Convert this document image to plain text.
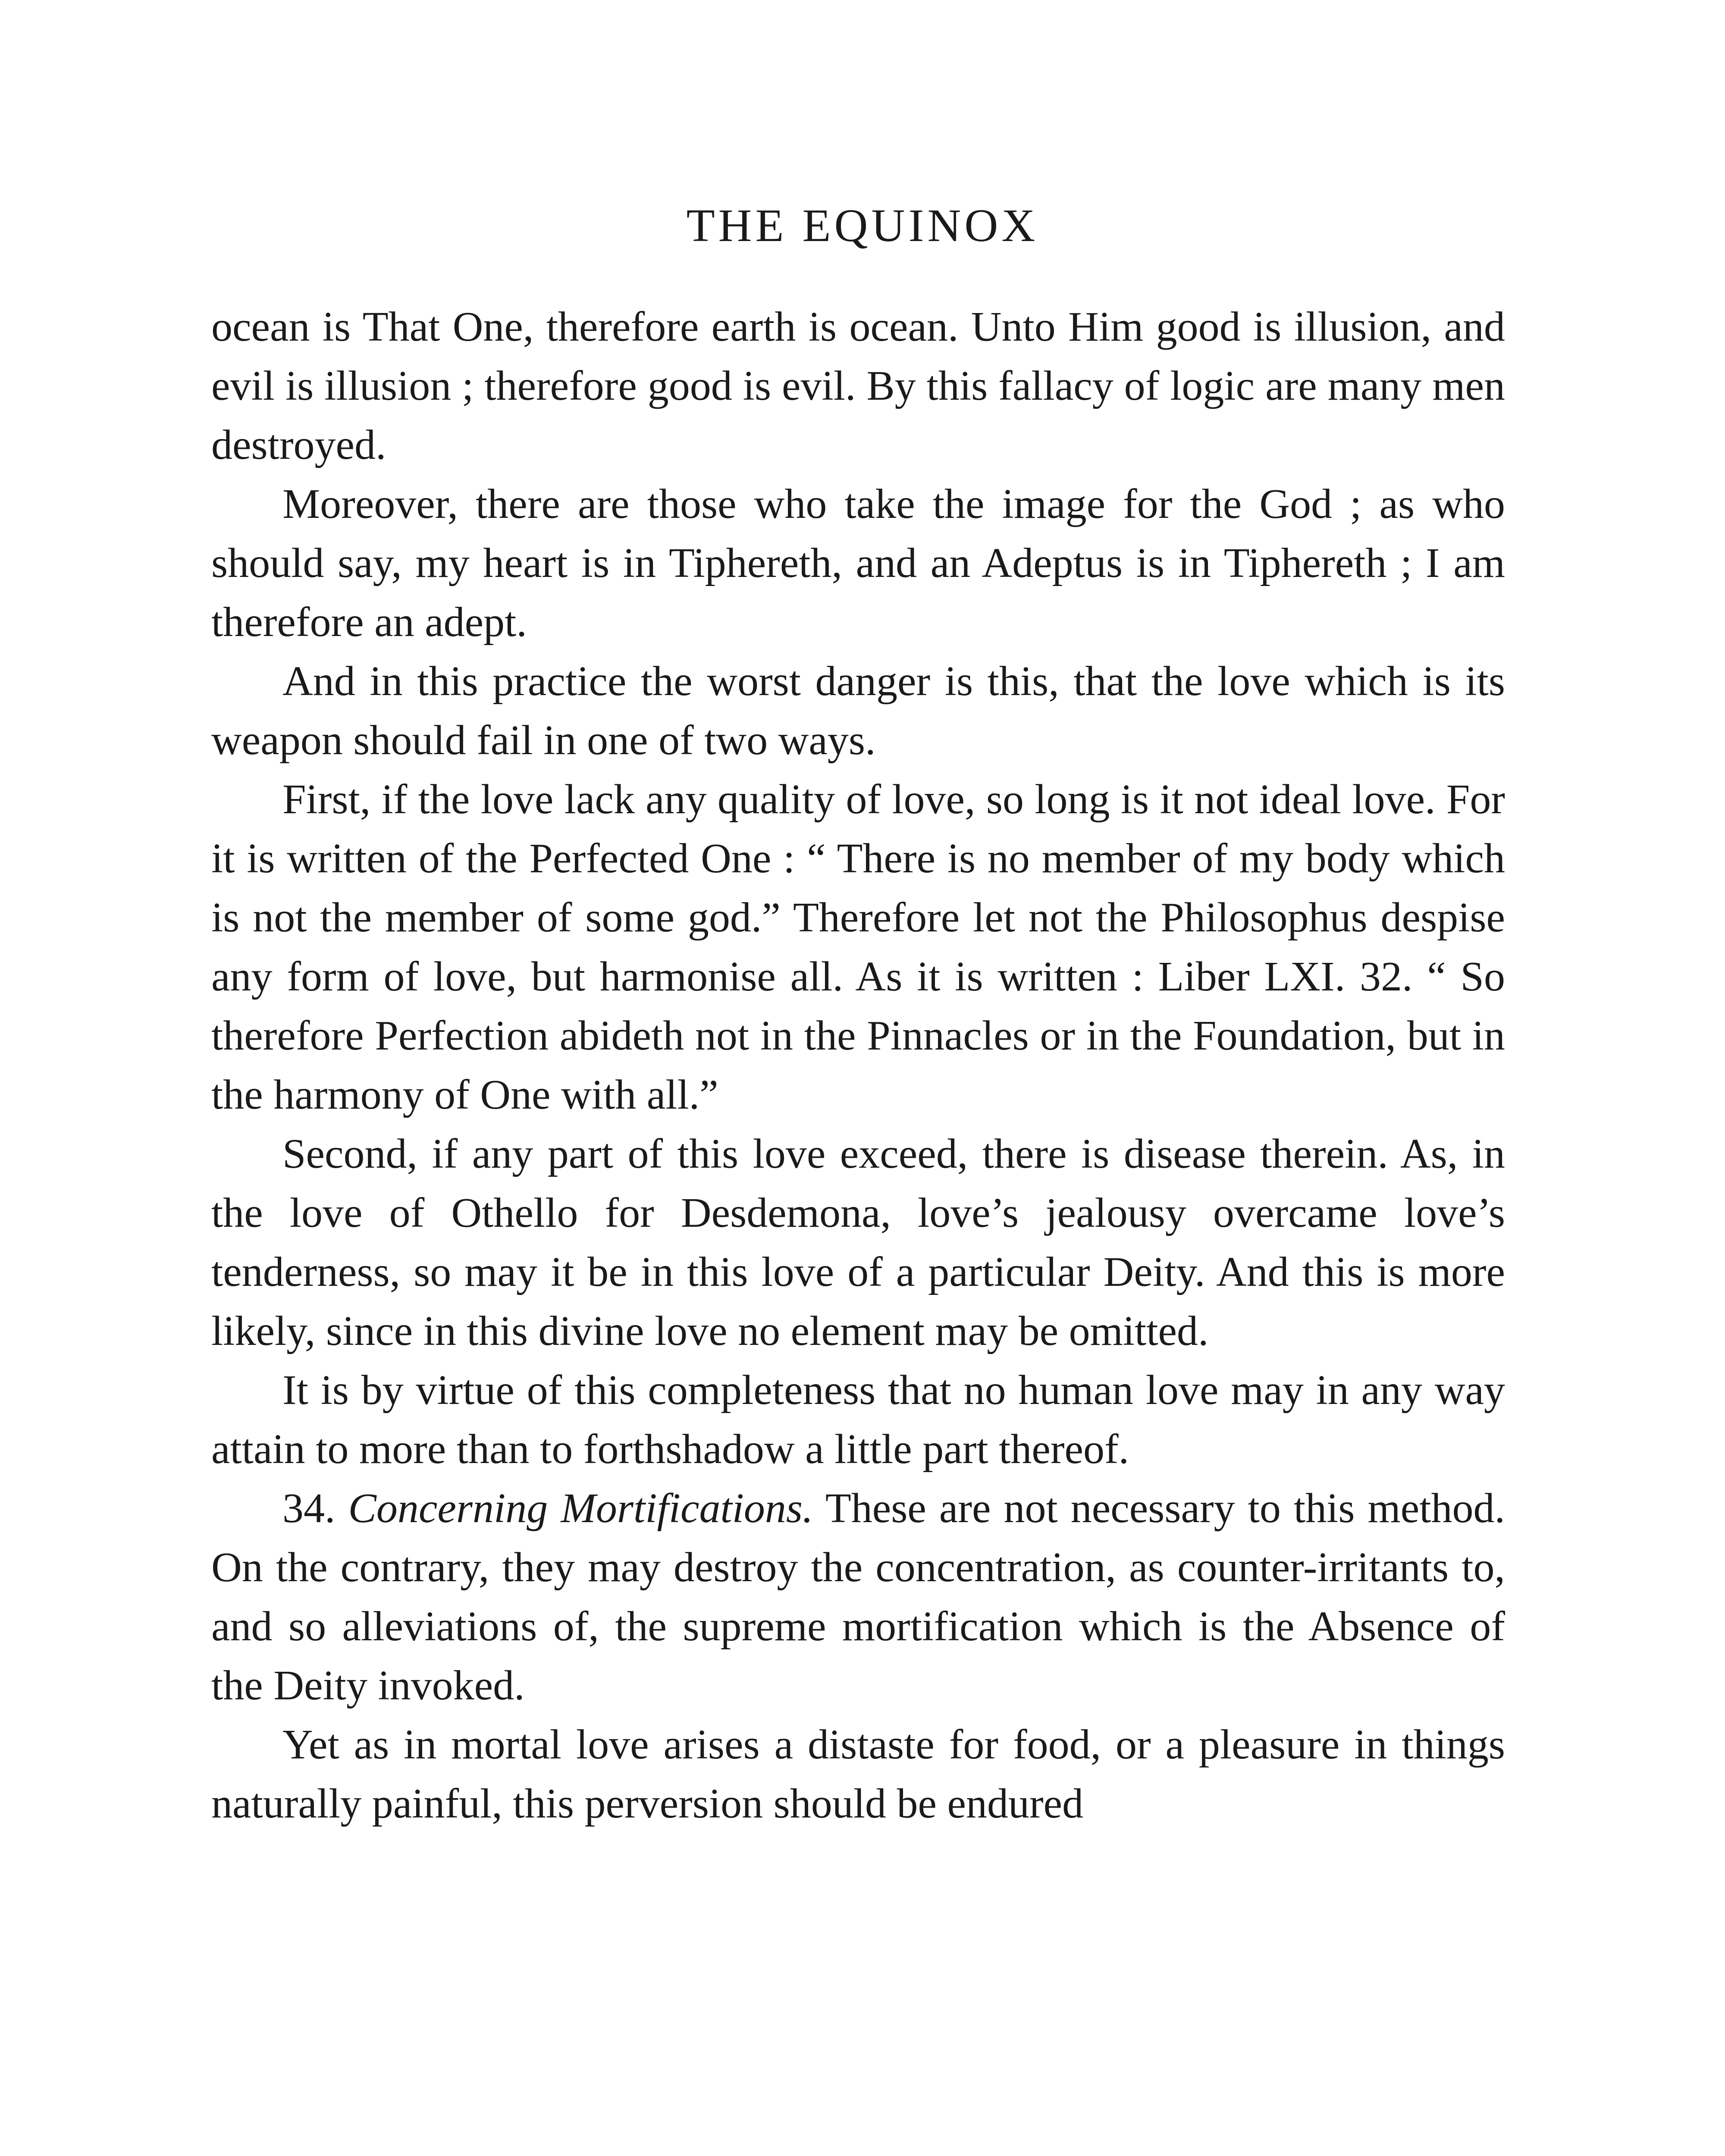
THE EQUINOX

ocean is That One, therefore earth is ocean. Unto Him good is illusion, and evil is illusion ; therefore good is evil. By this fallacy of logic are many men destroyed.

Moreover, there are those who take the image for the God ; as who should say, my heart is in Tiphereth, and an Adeptus is in Tiphereth ; I am therefore an adept.

And in this practice the worst danger is this, that the love which is its weapon should fail in one of two ways.

First, if the love lack any quality of love, so long is it not ideal love. For it is written of the Perfected One : “ There is no member of my body which is not the member of some god.” Therefore let not the Philosophus despise any form of love, but harmonise all. As it is written : Liber LXI. 32. “ So therefore Perfection abideth not in the Pinnacles or in the Foundation, but in the harmony of One with all.”

Second, if any part of this love exceed, there is disease therein. As, in the love of Othello for Desdemona, love’s jealousy overcame love’s tenderness, so may it be in this love of a particular Deity. And this is more likely, since in this divine love no element may be omitted.

It is by virtue of this completeness that no human love may in any way attain to more than to forthshadow a little part thereof.

34. Concerning Mortifications. These are not necessary to this method. On the contrary, they may destroy the concentration, as counter-irritants to, and so alleviations of, the supreme mortification which is the Absence of the Deity invoked.

Yet as in mortal love arises a distaste for food, or a pleasure in things naturally painful, this perversion should be endured
